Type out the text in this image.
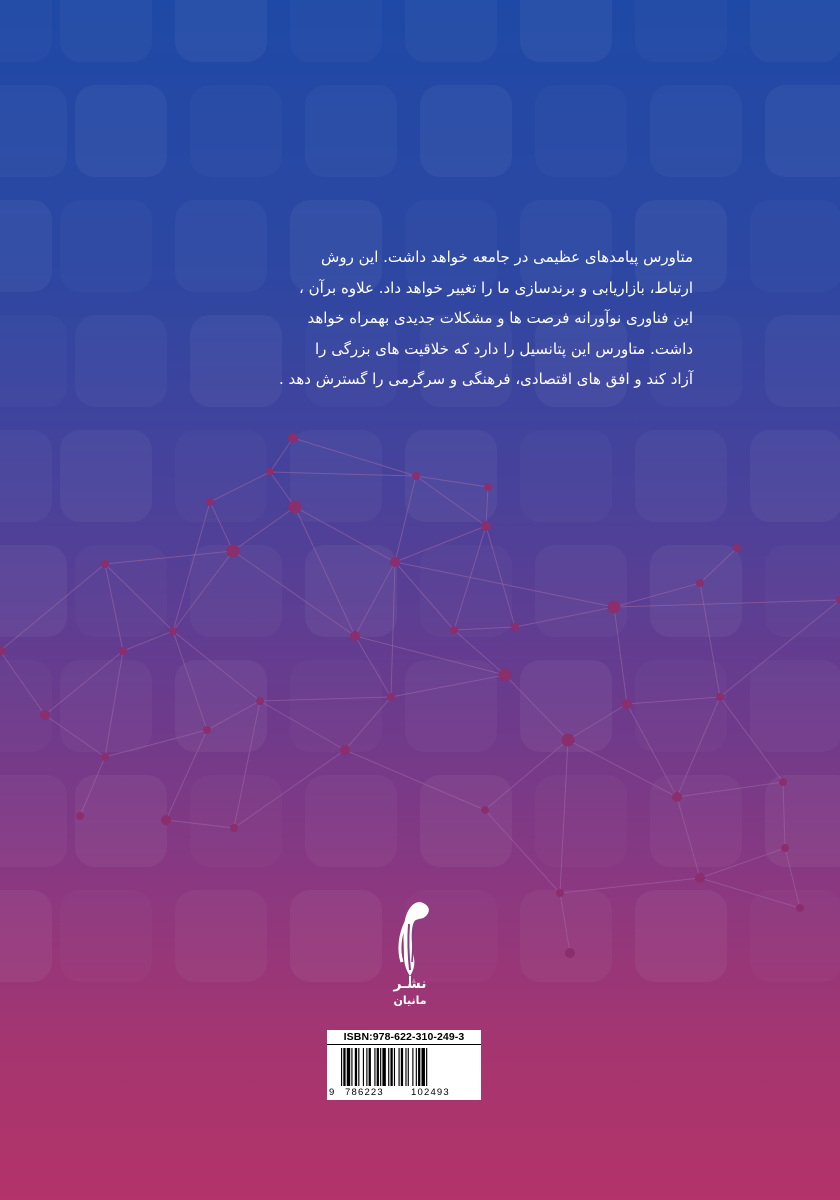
متاورس پیامدهای عظیمی در جامعه خواهد داشت. این روش
ارتباط، بازاریابی و برندسازی ما را تغییر خواهد داد. علاوه برآن ،
این فناوری نوآورانه فرصت ها و مشکلات جدیدی بهمراه خواهد
داشت. متاورس این پتانسیل را دارد که خلاقیت های بزرگی را
آزاد کند و افق های اقتصادی، فرهنگی و سرگرمی را گسترش دهد .
نشـر
مانیان
ISBN:978-622-310-249-3
9 786223	102493
